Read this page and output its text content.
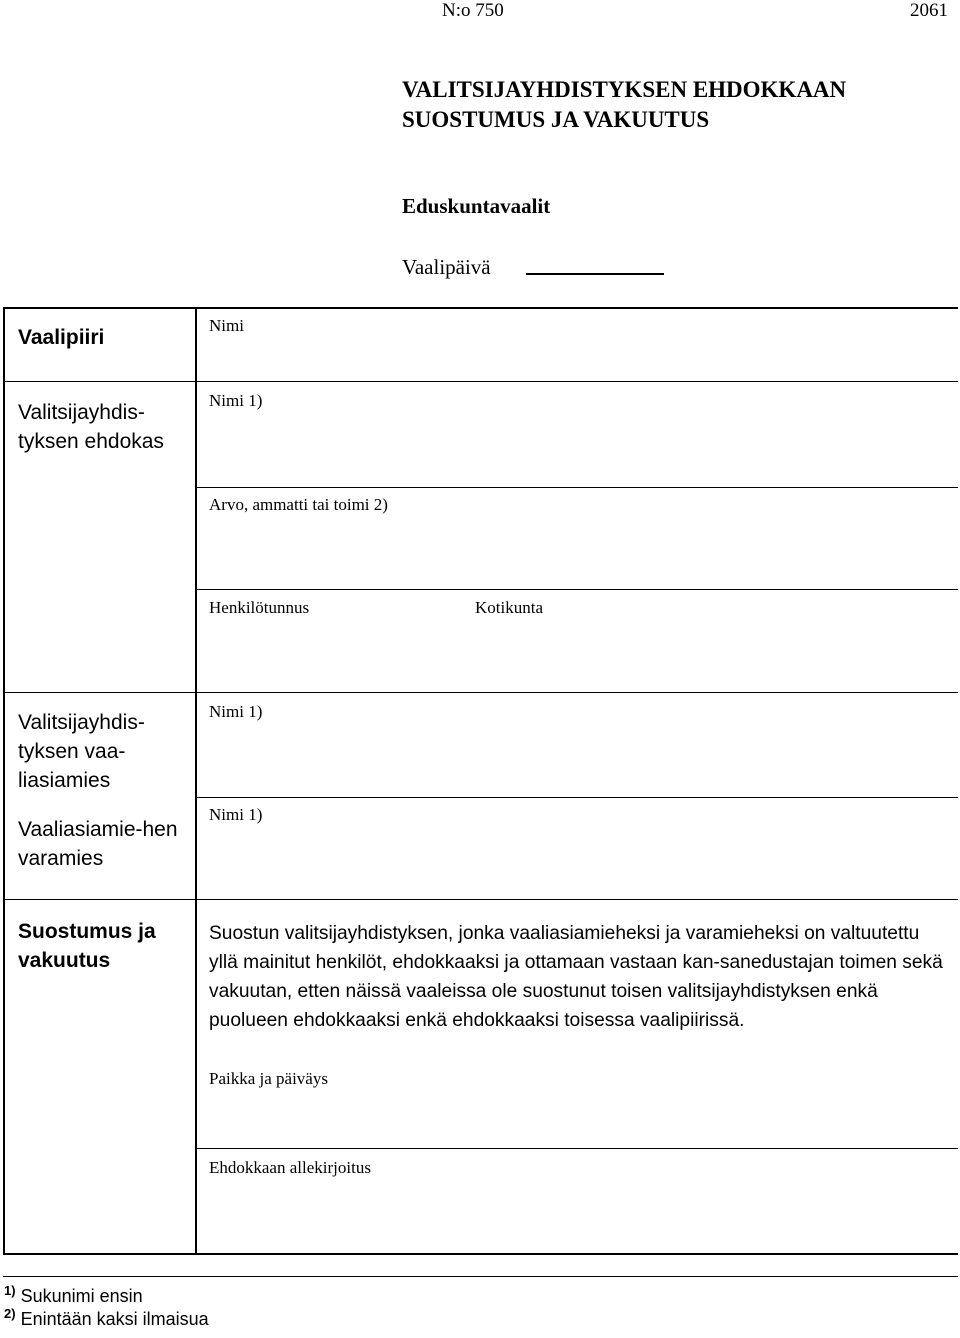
N:o 750	2061
VALITSIJAYHDISTYKSEN EHDOKKAAN
SUOSTUMUS JA VAKUUTUS
Eduskuntavaalit
Vaalipäivä
Vaalipiiri
Nimi
Valitsijayhdis-tyksen ehdokas
Nimi 1)
Arvo, ammatti tai toimi 2)
Henkilötunnus	Kotikunta
Valitsijayhdis-tyksen vaa-liasiamies
Nimi 1)
Vaaliasiamie-hen varamies
Nimi 1)
Suostumus ja vakuutus
Suostun valitsijayhdistyksen, jonka vaaliasiamieheksi ja varamieheksi on valtuutettu yllä mainitut henkilöt, ehdokkaaksi ja ottamaan vastaan kan-sanedustajan toimen sekä vakuutan, etten näissä vaaleissa ole suostunut toisen valitsijayhdistyksen enkä puolueen ehdokkaaksi enkä ehdokkaaksi toisessa vaalipiirissä.
Paikka ja päiväys
Ehdokkaan allekirjoitus
$^{1)}$ Sukunimi ensin
$^{2)}$ Enintään kaksi ilmaisua
